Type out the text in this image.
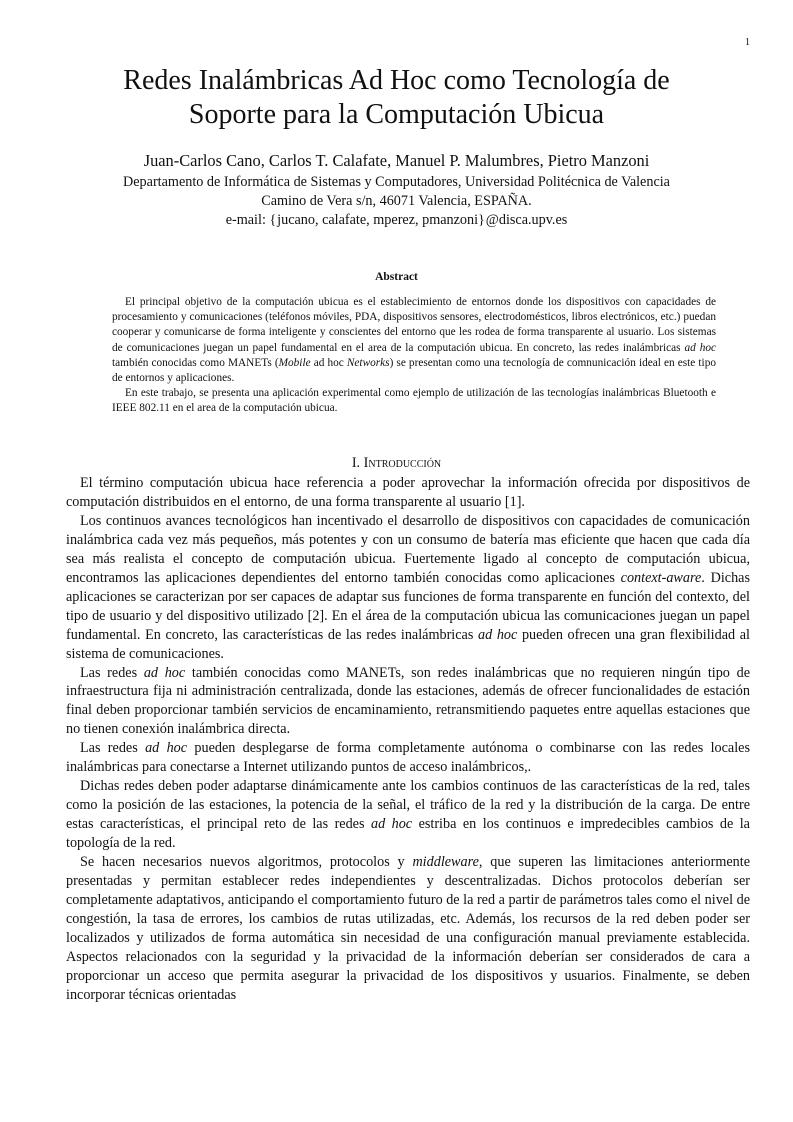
1
Redes Inalámbricas Ad Hoc como Tecnología de
Soporte para la Computación Ubicua
Juan-Carlos Cano, Carlos T. Calafate, Manuel P. Malumbres, Pietro Manzoni
Departamento de Informática de Sistemas y Computadores, Universidad Politécnica de Valencia
Camino de Vera s/n, 46071 Valencia, ESPAÑA.
e-mail: {jucano, calafate, mperez, pmanzoni}@disca.upv.es
Abstract

El principal objetivo de la computación ubicua es el establecimiento de entornos donde los dispositivos con capacidades de procesamiento y comunicaciones (teléfonos móviles, PDA, dispositivos sensores, electrodomésticos, libros electrónicos, etc.) puedan cooperar y comunicarse de forma inteligente y conscientes del entorno que les rodea de forma transparente al usuario. Los sistemas de comunicaciones juegan un papel fundamental en el area de la computación ubicua. En concreto, las redes inalámbricas ad hoc también conocidas como MANETs (Mobile ad hoc Networks) se presentan como una tecnología de comnunicación ideal en este tipo de entornos y aplicaciones.

En este trabajo, se presenta una aplicación experimental como ejemplo de utilización de las tecnologías inalámbricas Bluetooth e IEEE 802.11 en el area de la computación ubicua.

I. Introducción

El término computación ubicua hace referencia a poder aprovechar la información ofrecida por dispositivos de computación distribuidos en el entorno, de una forma transparente al usuario [1].

Los continuos avances tecnológicos han incentivado el desarrollo de dispositivos con capacidades de comunicación inalámbrica cada vez más pequeños, más potentes y con un consumo de batería mas eficiente que hacen que cada día sea más realista el concepto de computación ubicua. Fuertemente ligado al concepto de computación ubicua, encontramos las aplicaciones dependientes del entorno también conocidas como aplicaciones context-aware. Dichas aplicaciones se caracterizan por ser capaces de adaptar sus funciones de forma transparente en función del contexto, del tipo de usuario y del dispositivo utilizado [2]. En el área de la computación ubicua las comunicaciones juegan un papel fundamental. En concreto, las características de las redes inalámbricas ad hoc pueden ofrecen una gran flexibilidad al sistema de comunicaciones.

Las redes ad hoc también conocidas como MANETs, son redes inalámbricas que no requieren ningún tipo de infraestructura fija ni administración centralizada, donde las estaciones, además de ofrecer funcionalidades de estación final deben proporcionar también servicios de encaminamiento, retransmitiendo paquetes entre aquellas estaciones que no tienen conexión inalámbrica directa.

Las redes ad hoc pueden desplegarse de forma completamente autónoma o combinarse con las redes locales inalámbricas para conectarse a Internet utilizando puntos de acceso inalámbricos,.

Dichas redes deben poder adaptarse dinámicamente ante los cambios continuos de las características de la red, tales como la posición de las estaciones, la potencia de la señal, el tráfico de la red y la distribución de la carga. De entre estas características, el principal reto de las redes ad hoc estriba en los continuos e impredecibles cambios de la topología de la red.

Se hacen necesarios nuevos algoritmos, protocolos y middleware, que superen las limitaciones anteriormente presentadas y permitan establecer redes independientes y descentralizadas. Dichos protocolos deberían ser completamente adaptativos, anticipando el comportamiento futuro de la red a partir de parámetros tales como el nivel de congestión, la tasa de errores, los cambios de rutas utilizadas, etc. Además, los recursos de la red deben poder ser localizados y utilizados de forma automática sin necesidad de una configuración manual previamente establecida. Aspectos relacionados con la seguridad y la privacidad de la información deberían ser considerados de cara a proporcionar un acceso que permita asegurar la privacidad de los dispositivos y usuarios. Finalmente, se deben incorporar técnicas orientadas
